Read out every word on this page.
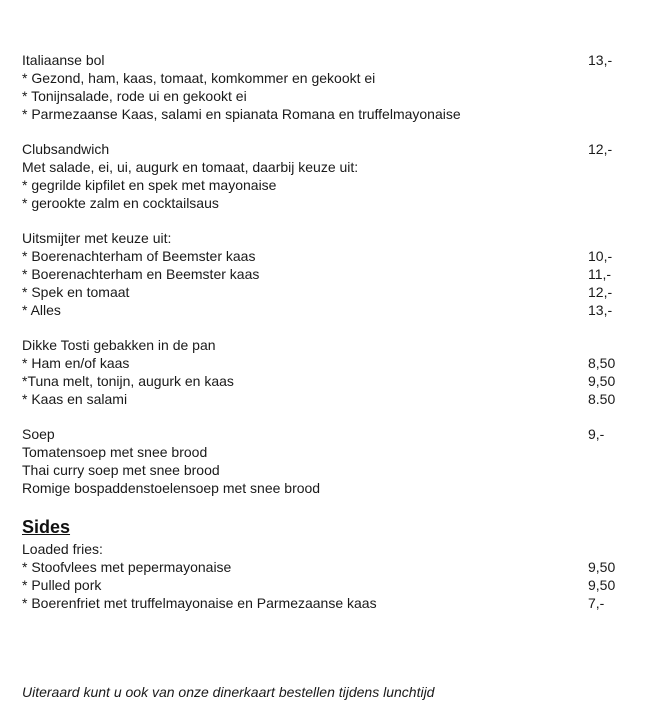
Italiaanse bol	13,-
* Gezond, ham, kaas, tomaat, komkommer en gekookt ei
* Tonijnsalade, rode ui en gekookt ei
* Parmezaanse Kaas, salami en spianata Romana en truffelmayonaise
Clubsandwich	12,-
Met salade, ei, ui, augurk en tomaat, daarbij keuze uit:
* gegrilde kipfilet en spek met mayonaise
* gerookte zalm en cocktailsaus
Uitsmijter met keuze uit:
* Boerenachterham of Beemster kaas	10,-
* Boerenachterham en Beemster kaas	11,-
* Spek en tomaat	12,-
* Alles	13,-
Dikke Tosti gebakken in de pan
* Ham en/of kaas	8,50
*Tuna melt, tonijn, augurk en kaas	9,50
* Kaas en salami	8.50
Soep	9,-
Tomatensoep met snee brood
Thai curry soep met snee brood
Romige bospaddenstoelensoep met snee brood
Sides
Loaded fries:
* Stoofvlees met pepermayonaise	9,50
* Pulled pork	9,50
* Boerenfriet met truffelmayonaise en Parmezaanse kaas	7,-

Uiteraard kunt u ook van onze dinerkaart bestellen tijdens lunchtijd
